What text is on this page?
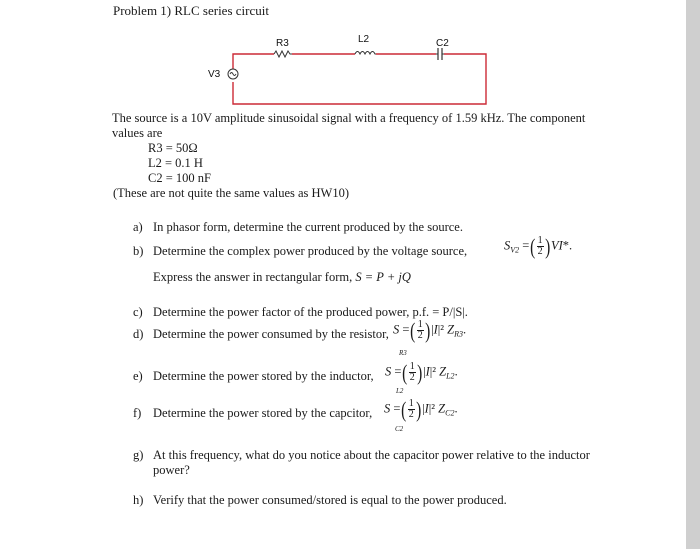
Problem 1) RLC series circuit
V3
R3	L2	C2
The source is a 10V amplitude sinusoidal signal with a frequency of 1.59 kHz. The component values are
R3 = 50Ω
L2 = 0.1 H
C2 = 100 nF
(These are not quite the same values as HW10)
a) In phasor form, determine the current produced by the source.
b) Determine the complex power produced by the voltage source,	$S_{V2}$ =( $\frac{1}{2} )VI*$.
Express the answer in rectangular form, S = P + jQ
c) Determine the power factor of the produced power, p.f. = P/|S|.
d) Determine the power consumed by the resistor, S =( $\frac{1}{2} )|I|^2$ $Z_{R3}$.
R3
e) Determine the power stored by the inductor, S =( $\frac{1}{2} )|I|^2$ $Z_{L2}$.
L2
f) Determine the power stored by the capcitor, S =( $\frac{1}{2} )|I|^2$ $Z_{C2}$.
C2
g) At this frequency, what do you notice about the capacitor power relative to the inductor power?
h) Verify that the power consumed/stored is equal to the power produced.
